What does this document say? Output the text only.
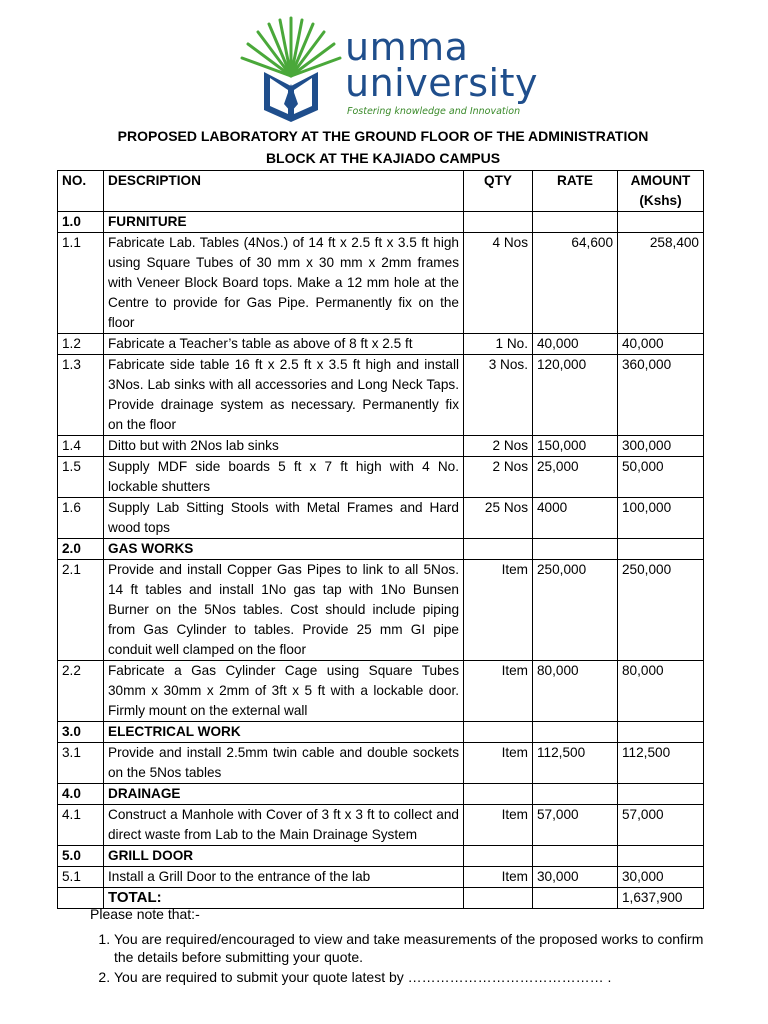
umma
university
Fostering knowledge and Innovation
PROPOSED LABORATORY AT THE GROUND FLOOR OF THE ADMINISTRATION
BLOCK AT THE KAJIADO CAMPUS
NO.	DESCRIPTION	QTY	RATE	AMOUNT (Kshs)
1.0	FURNITURE			
1.1	Fabricate Lab. Tables (4Nos.) of 14 ft x 2.5 ft x 3.5 ft high using Square Tubes of 30 mm x 30 mm x 2mm frames with Veneer Block Board tops. Make a 12 mm hole at the Centre to provide for Gas Pipe. Permanently fix on the floor	4 Nos	64,600	258,400
1.2	Fabricate a Teacher’s table as above of 8 ft x 2.5 ft	1 No.	40,000	40,000
1.3	Fabricate side table 16 ft x 2.5 ft x 3.5 ft high and install 3Nos. Lab sinks with all accessories and Long Neck Taps. Provide drainage system as necessary. Permanently fix on the floor	3 Nos.	120,000	360,000
1.4	Ditto but with 2Nos lab sinks	2 Nos	150,000	300,000
1.5	Supply MDF side boards 5 ft x 7 ft high with 4 No. lockable shutters	2 Nos	25,000	50,000
1.6	Supply Lab Sitting Stools with Metal Frames and Hard wood tops	25 Nos	4000	100,000
2.0	GAS WORKS			
2.1	Provide and install Copper Gas Pipes to link to all 5Nos. 14 ft tables and install 1No gas tap with 1No Bunsen Burner on the 5Nos tables. Cost should include piping from Gas Cylinder to tables. Provide 25 mm GI pipe conduit well clamped on the floor	Item	250,000	250,000
2.2	Fabricate a Gas Cylinder Cage using Square Tubes 30mm x 30mm x 2mm of 3ft x 5 ft with a lockable door. Firmly mount on the external wall	Item	80,000	80,000
3.0	ELECTRICAL WORK			
3.1	Provide and install 2.5mm twin cable and double sockets on the 5Nos tables	Item	112,500	112,500
4.0	DRAINAGE			
4.1	Construct a Manhole with Cover of 3 ft x 3 ft to collect and direct waste from Lab to the Main Drainage System	Item	57,000	57,000
5.0	GRILL DOOR			
5.1	Install a Grill Door to the entrance of the lab	Item	30,000	30,000
	TOTAL:			1,637,900
Please note that:-
1. You are required/encouraged to view and take measurements of the proposed works to confirm the details before submitting your quote.
2. You are required to submit your quote latest by …………………………………… .
